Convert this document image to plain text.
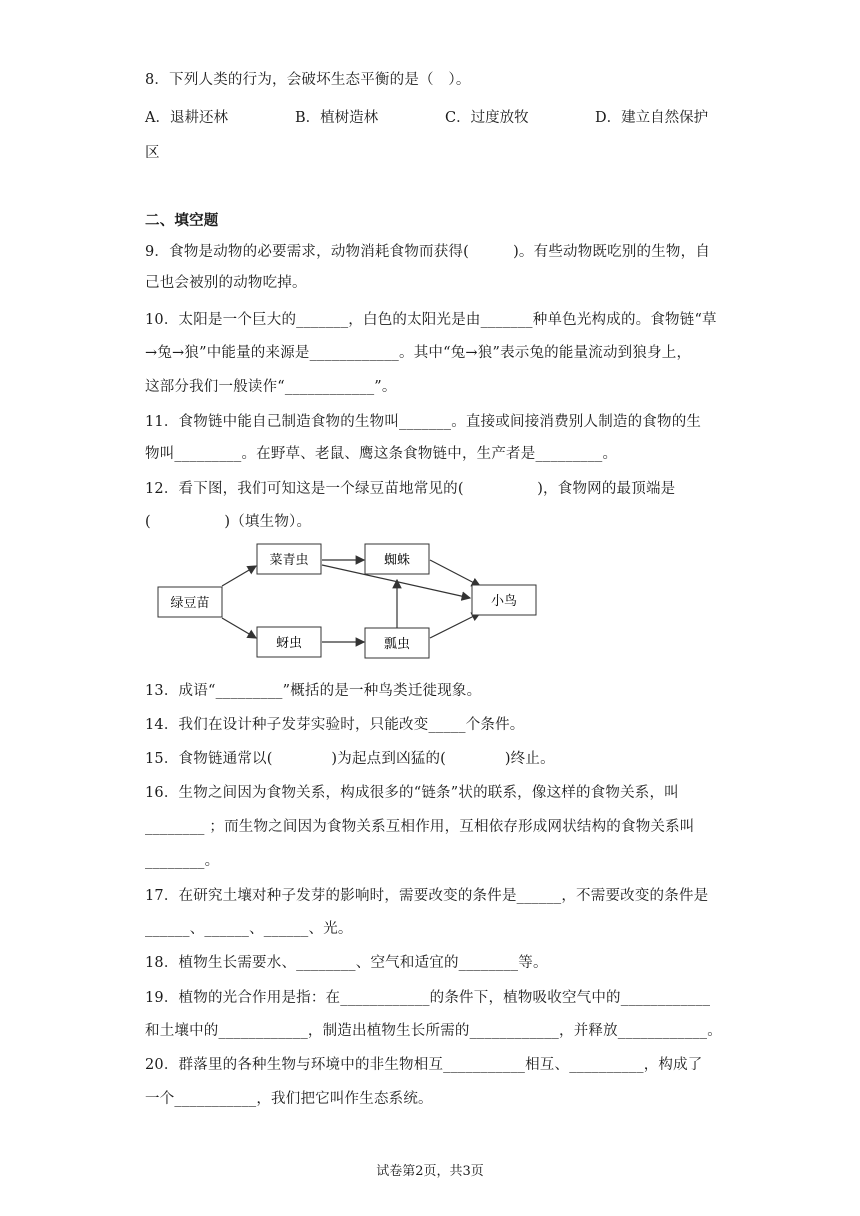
8．下列人类的行为，会破坏生态平衡的是（　）。
A．退耕还林	B．植树造林	C．过度放牧	D．建立自然保护
区
二、填空题
9．食物是动物的必要需求，动物消耗食物而获得(　　　)。有些动物既吃别的生物，自
己也会被别的动物吃掉。
10．太阳是一个巨大的_______，白色的太阳光是由_______种单色光构成的。食物链“草
→兔→狼”中能量的来源是____________。其中“兔→狼”表示兔的能量流动到狼身上，
这部分我们一般读作“____________”。
11．食物链中能自己制造食物的生物叫_______。直接或间接消费别人制造的食物的生
物叫_________。在野草、老鼠、鹰这条食物链中，生产者是_________。
12．看下图，我们可知这是一个绿豆苗地常见的(　　　　　)，食物网的最顶端是
(　　　　　)（填生物）。
绿豆苗
菜青虫	蜘蛛
小鸟
蚜虫	瓢虫
13．成语“_________”概括的是一种鸟类迁徙现象。
14．我们在设计种子发芽实验时，只能改变_____个条件。
15．食物链通常以(　　　　)为起点到凶猛的(　　　　)终止。
16．生物之间因为食物关系，构成很多的“链条”状的联系，像这样的食物关系，叫
________ ；而生物之间因为食物关系互相作用，互相依存形成网状结构的食物关系叫
________。
17．在研究土壤对种子发芽的影响时，需要改变的条件是______，不需要改变的条件是
______、______、______、光。
18．植物生长需要水、________、空气和适宜的________等。
19．植物的光合作用是指：在____________的条件下，植物吸收空气中的____________
和土壤中的____________，制造出植物生长所需的____________，并释放____________。
20．群落里的各种生物与环境中的非生物相互___________相互、__________，构成了
一个___________，我们把它叫作生态系统。
试卷第2页，共3页
